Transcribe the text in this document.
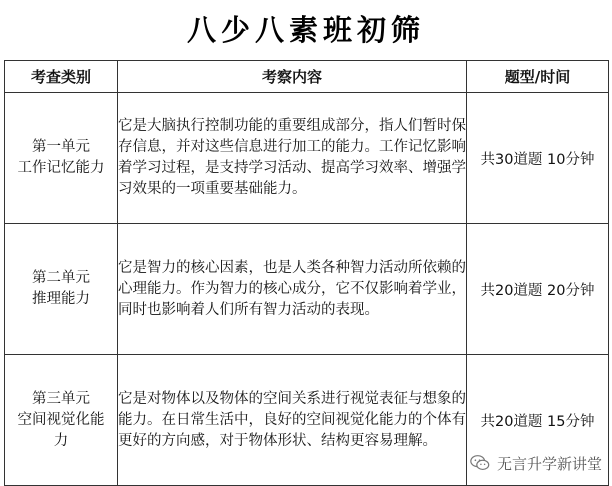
八少八素班初筛
考查类别	考察内容	题型/时间

第一单元
工作记忆能力	它是大脑执行控制功能的重要组成部分，指人们暂时保存信息，并对这些信息进行加工的能力。工作记忆影响着学习过程，是支持学习活动、提高学习效率、增强学习效果的一项重要基础能力。	共30道题 10分钟

第二单元
推理能力	它是智力的核心因素，也是人类各种智力活动所依赖的心理能力。作为智力的核心成分，它不仅影响着学业，同时也影响着人们所有智力活动的表现。	共20道题 20分钟

第三单元
空间视觉化能
力	它是对物体以及物体的空间关系进行视觉表征与想象的能力。在日常生活中，良好的空间视觉化能力的个体有更好的方向感，对于物体形状、结构更容易理解。	共20道题 15分钟
无言升学新讲堂
